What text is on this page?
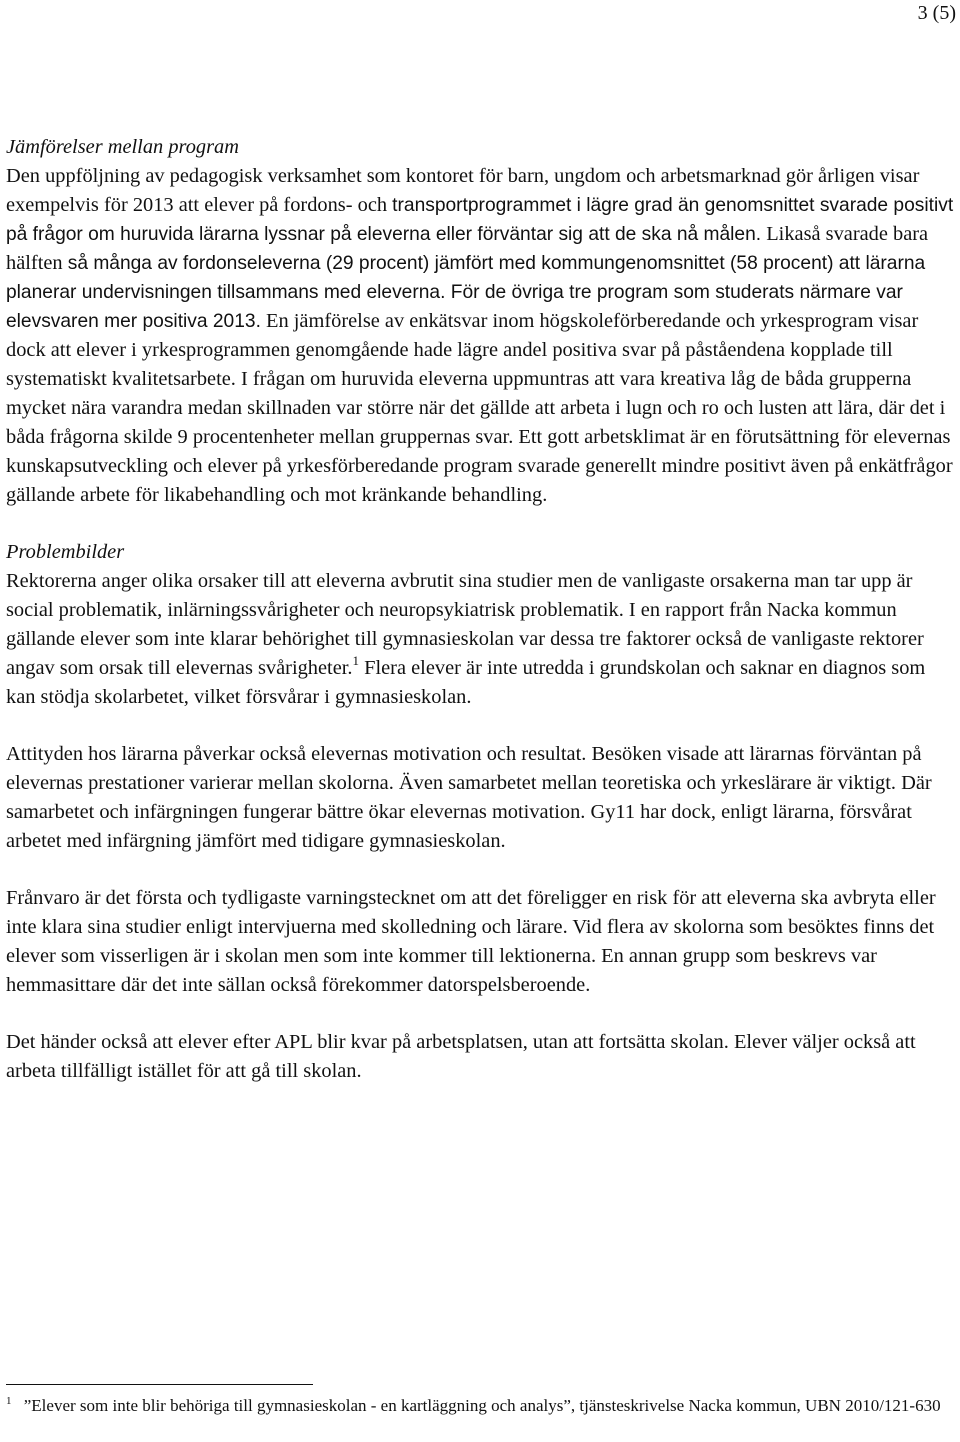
3 (5)

Jämförelser mellan program

Den uppföljning av pedagogisk verksamhet som kontoret för barn, ungdom och arbetsmarknad gör årligen visar exempelvis för 2013 att elever på fordons- och transportprogrammet i lägre grad än genomsnittet svarade positivt på frågor om huruvida lärarna lyssnar på eleverna eller förväntar sig att de ska nå målen. Likaså svarade bara hälften så många av fordonseleverna (29 procent) jämfört med kommungenomsnittet (58 procent) att lärarna planerar undervisningen tillsammans med eleverna. För de övriga tre program som studerats närmare var elevsvaren mer positiva 2013. En jämförelse av enkätsvar inom högskoleförberedande och yrkesprogram visar dock att elever i yrkesprogrammen genomgående hade lägre andel positiva svar på påståendena kopplade till systematiskt kvalitetsarbete. I frågan om huruvida eleverna uppmuntras att vara kreativa låg de båda grupperna mycket nära varandra medan skillnaden var större när det gällde att arbeta i lugn och ro och lusten att lära, där det i båda frågorna skilde 9 procentenheter mellan gruppernas svar. Ett gott arbetsklimat är en förutsättning för elevernas kunskapsutveckling och elever på yrkesförberedande program svarade generellt mindre positivt även på enkätfrågor gällande arbete för likabehandling och mot kränkande behandling.

Problembilder

Rektorerna anger olika orsaker till att eleverna avbrutit sina studier men de vanligaste orsakerna man tar upp är social problematik, inlärningssvårigheter och neuropsykiatrisk problematik. I en rapport från Nacka kommun gällande elever som inte klarar behörighet till gymnasieskolan var dessa tre faktorer också de vanligaste rektorer angav som orsak till elevernas svårigheter.$^1$ Flera elever är inte utredda i grundskolan och saknar en diagnos som kan stödja skolarbetet, vilket försvårar i gymnasieskolan.

Attityden hos lärarna påverkar också elevernas motivation och resultat. Besöken visade att lärarnas förväntan på elevernas prestationer varierar mellan skolorna. Även samarbetet mellan teoretiska och yrkeslärare är viktigt. Där samarbetet och infärgningen fungerar bättre ökar elevernas motivation. Gy11 har dock, enligt lärarna, försvårat arbetet med infärgning jämfört med tidigare gymnasieskolan.

Frånvaro är det första och tydligaste varningstecknet om att det föreligger en risk för att eleverna ska avbryta eller inte klara sina studier enligt intervjuerna med skolledning och lärare. Vid flera av skolorna som besöktes finns det elever som visserligen är i skolan men som inte kommer till lektionerna. En annan grupp som beskrevs var hemmasittare där det inte sällan också förekommer datorspelsberoende.

Det händer också att elever efter APL blir kvar på arbetsplatsen, utan att fortsätta skolan. Elever väljer också att arbeta tillfälligt istället för att gå till skolan.

$^1$ ”Elever som inte blir behöriga till gymnasieskolan - en kartläggning och analys”, tjänsteskrivelse Nacka kommun, UBN 2010/121-630
